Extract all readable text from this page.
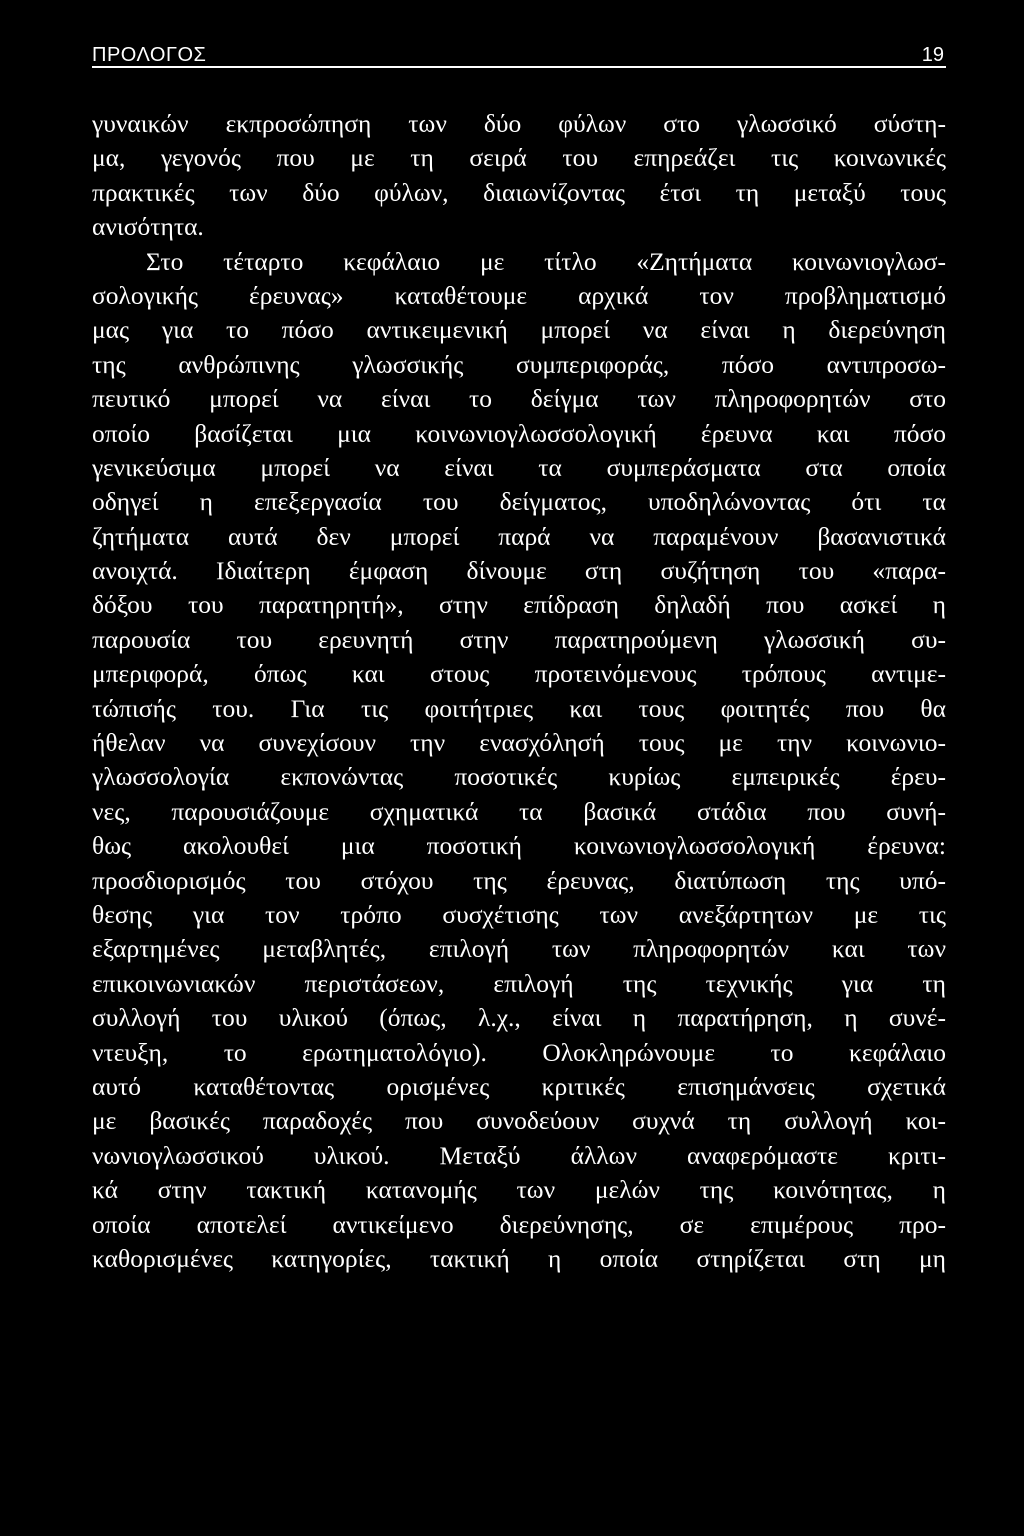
ΠΡΟΛΟΓΟΣ	19
γυναικών εκπροσώπηση των δύο φύλων στο γλωσσικό σύστη-
μα, γεγονός που με τη σειρά του επηρεάζει τις κοινωνικές
πρακτικές των δύο φύλων, διαιωνίζοντας έτσι τη μεταξύ τους
ανισότητα.
Στο τέταρτο κεφάλαιο με τίτλο «Ζητήματα κοινωνιογλωσ-
σολογικής έρευνας» καταθέτουμε αρχικά τον προβληματισμό
μας για το πόσο αντικειμενική μπορεί να είναι η διερεύνηση
της ανθρώπινης γλωσσικής συμπεριφοράς, πόσο αντιπροσω-
πευτικό μπορεί να είναι το δείγμα των πληροφορητών στο
οποίο βασίζεται μια κοινωνιογλωσσολογική έρευνα και πόσο
γενικεύσιμα μπορεί να είναι τα συμπεράσματα στα οποία
οδηγεί η επεξεργασία του δείγματος, υποδηλώνοντας ότι τα
ζητήματα αυτά δεν μπορεί παρά να παραμένουν βασανιστικά
ανοιχτά. Ιδιαίτερη έμφαση δίνουμε στη συζήτηση του «παρα-
δόξου του παρατηρητή», στην επίδραση δηλαδή που ασκεί η
παρουσία του ερευνητή στην παρατηρούμενη γλωσσική συ-
μπεριφορά, όπως και στους προτεινόμενους τρόπους αντιμε-
τώπισής του. Για τις φοιτήτριες και τους φοιτητές που θα
ήθελαν να συνεχίσουν την ενασχόλησή τους με την κοινωνιο-
γλωσσολογία εκπονώντας ποσοτικές κυρίως εμπειρικές έρευ-
νες, παρουσιάζουμε σχηματικά τα βασικά στάδια που συνή-
θως ακολουθεί μια ποσοτική κοινωνιογλωσσολογική έρευνα:
προσδιορισμός του στόχου της έρευνας, διατύπωση της υπό-
θεσης για τον τρόπο συσχέτισης των ανεξάρτητων με τις
εξαρτημένες μεταβλητές, επιλογή των πληροφορητών και των
επικοινωνιακών περιστάσεων, επιλογή της τεχνικής για τη
συλλογή του υλικού (όπως, λ.χ., είναι η παρατήρηση, η συνέ-
ντευξη, το ερωτηματολόγιο). Ολοκληρώνουμε το κεφάλαιο
αυτό καταθέτοντας ορισμένες κριτικές επισημάνσεις σχετικά
με βασικές παραδοχές που συνοδεύουν συχνά τη συλλογή κοι-
νωνιογλωσσικού υλικού. Μεταξύ άλλων αναφερόμαστε κριτι-
κά στην τακτική κατανομής των μελών της κοινότητας, η
οποία αποτελεί αντικείμενο διερεύνησης, σε επιμέρους προ-
καθορισμένες κατηγορίες, τακτική η οποία στηρίζεται στη μη
